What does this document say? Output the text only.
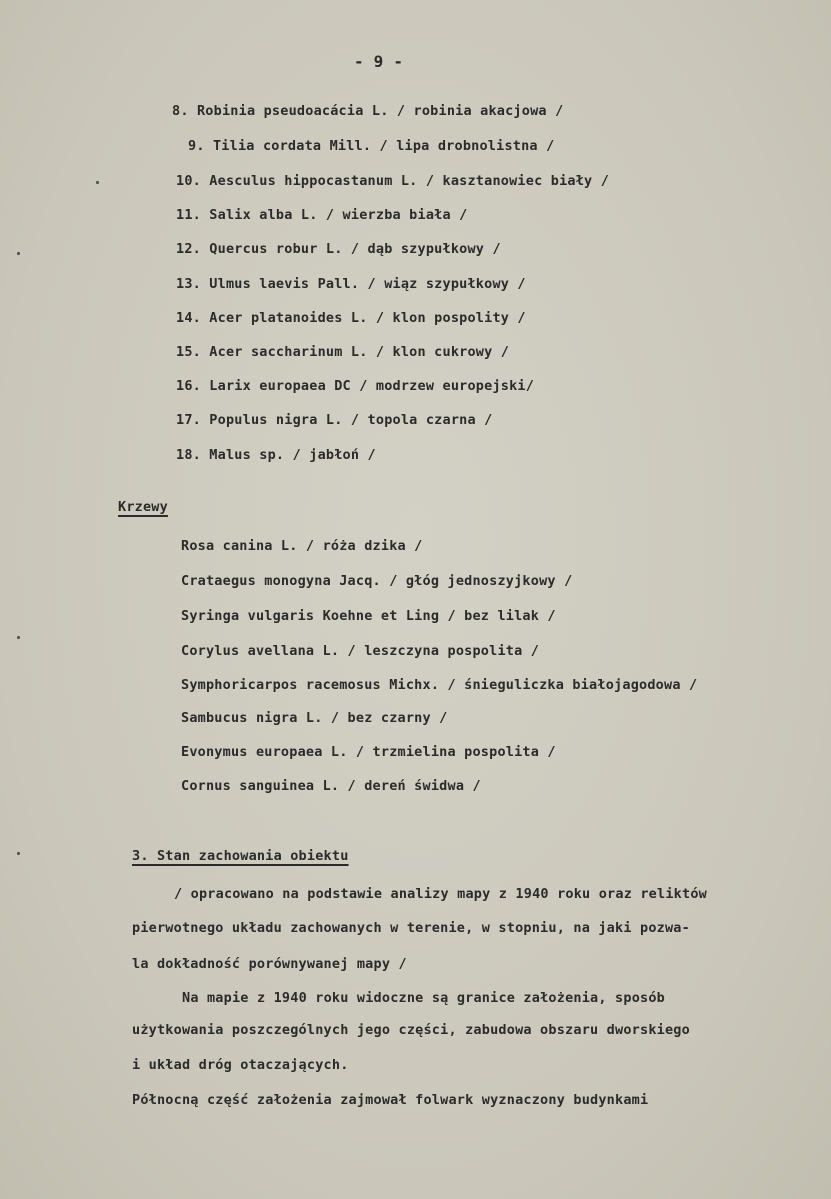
- 9 -
8. Robinia pseudoacácia L. / robinia akacjowa /
9. Tilia cordata Mill. / lipa drobnolistna /
10. Aesculus hippocastanum L. / kasztanowiec biały /
11. Salix alba L. / wierzba biała /
12. Quercus robur L. / dąb szypułkowy /
13. Ulmus laevis Pall. / wiąz szypułkowy /
14. Acer platanoides L. / klon pospolity /
15. Acer saccharinum L. / klon cukrowy /
16. Larix europaea DC / modrzew europejski/
17. Populus nigra L. / topola czarna /
18. Malus sp. / jabłoń /
Krzewy
Rosa canina L. / róża dzika /
Crataegus monogyna Jacq. / głóg jednoszyjkowy /
Syringa vulgaris Koehne et Ling / bez lilak /
Corylus avellana L. / leszczyna pospolita /
Symphoricarpos racemosus Michx. / śnieguliczka białojagodowa /
Sambucus nigra L. / bez czarny /
Evonymus europaea L. / trzmielina pospolita /
Cornus sanguinea L. / dereń świdwa /
3. Stan zachowania obiektu
/ opracowano na podstawie analizy mapy z 1940 roku oraz reliktów
pierwotnego układu zachowanych w terenie, w stopniu, na jaki pozwa-
la dokładność porównywanej mapy /
Na mapie z 1940 roku widoczne są granice założenia, sposób
użytkowania poszczególnych jego części, zabudowa obszaru dworskiego
i układ dróg otaczających.
Północną część założenia zajmował folwark wyznaczony budynkami
